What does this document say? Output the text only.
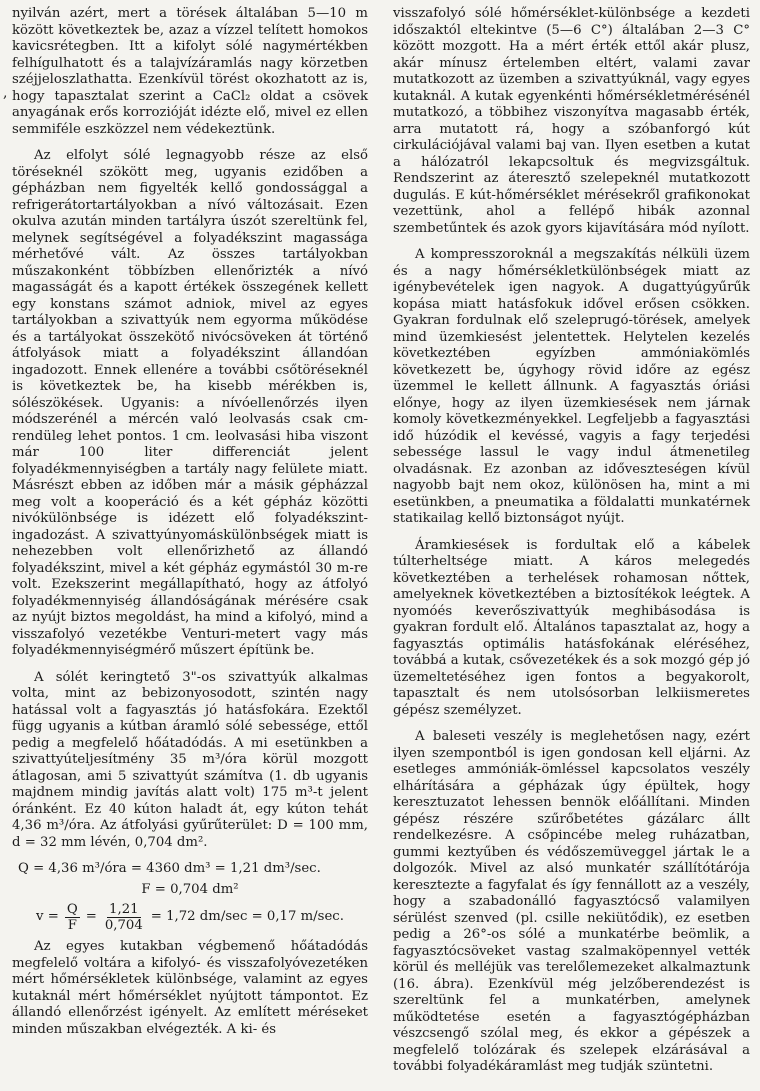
,

nyilván azért, mert a törések általában 5—10 m között következtek be, azaz a vízzel telített homokos kavicsrétegben. Itt a kifolyt sólé nagymértékben felhígulhatott és a talajvízáramlás nagy körzetben széjjeloszlathatta. Ezenkívül törést okozhatott az is, hogy tapasztalat szerint a CaCl₂ oldat a csövek anyagának erős korrozióját idézte elő, mivel ez ellen semmiféle eszközzel nem védekeztünk.

Az elfolyt sólé legnagyobb része az első töréseknél szökött meg, ugyanis ezidőben a gépházban nem figyelték kellő gondossággal a refrigerátortartályokban a nívó változásait. Ezen okulva azután minden tartályra úszót szereltünk fel, melynek segítségével a folyadékszint magassága mérhetővé vált. Az összes tartályokban műszakonként többízben ellenőrizték a nívó magasságát és a kapott értékek összegének kellett egy konstans számot adniok, mivel az egyes tartályokban a szivattyúk nem egyorma működése és a tartályokat összekötő nivócsöveken át történő átfolyások miatt a folyadékszint állandóan ingadozott. Ennek ellenére a további csőtöréseknél is következtek be, ha kisebb mérékben is, sólészökések. Ugyanis: a nívóellenőrzés ilyen módszerénél a mércén való leolvasás csak cm-rendüleg lehet pontos. 1 cm. leolvasási hiba viszont már 100 liter differenciát jelent folyadékmennyiségben a tartály nagy felülete miatt. Másrészt ebben az időben már a másik gépházzal meg volt a kooperáció és a két gépház közötti nivókülönbsége is idézett elő folyadékszint-ingadozást. A szivattyúnyomáskülönbségek miatt is nehezebben volt ellenőrizhető az állandó folyadékszint, mivel a két gépház egymástól 30 m-re volt. Ezekszerint megállapítható, hogy az átfolyó folyadékmennyiség állandóságának mérésére csak az nyújt biztos megoldást, ha mind a kifolyó, mind a visszafolyó vezetékbe Venturi-metert vagy más folyadékmennyiségmérő műszert építünk be.

A sólét keringtető 3"-os szivattyúk alkalmas volta, mint az bebizonyosodott, szintén nagy hatással volt a fagyasztás jó hatásfokára. Ezektől függ ugyanis a kútban áramló sólé sebessége, ettől pedig a megfelelő hőátadódás. A mi esetünkben a szivattyúteljesítmény 35 m³/óra körül mozgott átlagosan, ami 5 szivattyút számítva (1. db ugyanis majdnem mindig javítás alatt volt) 175 m³-t jelent óránként. Ez 40 kúton haladt át, egy kúton tehát 4,36 m³/óra. Az átfolyási gyűrűterület: D = 100 mm, d = 32 mm lévén, 0,704 dm².

Q = 4,36 m³/óra = 4360 dm³ = 1,21 dm³/sec.
F = 0,704 dm²
$v = \frac{Q}{F} = \frac{1,21}{0,704} = 1,72$ dm/sec = 0,17 m/sec.

Az egyes kutakban végbemenő hőátadódás megfelelő voltára a kifolyó- és visszafolyóvezetéken mért hőmérsékletek különbsége, valamint az egyes kutaknál mért hőmérséklet nyújtott támpontot. Ez állandó ellenőrzést igényelt. Az említett méréseket minden műszakban elvégezték. A ki- és

visszafolyó sólé hőmérséklet-különbsége a kezdeti időszaktól eltekintve (5—6 C°) általában 2—3 C° között mozgott. Ha a mért érték ettől akár plusz, akár mínusz értelemben eltért, valami zavar mutatkozott az üzemben a szivattyúknál, vagy egyes kutaknál. A kutak egyenkénti hőmérsékletmérésénél mutatkozó, a többihez viszonyítva magasabb érték, arra mutatott rá, hogy a szóbanforgó kút cirkulációjával valami baj van. Ilyen esetben a kutat a hálózatról lekapcsoltuk és megvizsgáltuk. Rendszerint az áteresztő szelepeknél mutatkozott dugulás. E kút-hőmérséklet mérésekről grafikonokat vezettünk, ahol a fellépő hibák azonnal szembetűntek és azok gyors kijavítására mód nyílott.

A kompresszoroknál a megszakítás nélküli üzem és a nagy hőmérsékletkülönbségek miatt az igénybevételek igen nagyok. A dugattyúgyűrűk kopása miatt hatásfokuk idővel erősen csökken. Gyakran fordulnak elő szeleprugó-törések, amelyek mind üzemkiesést jelentettek. Helytelen kezelés következtében egyízben ammóniakömlés következett be, úgyhogy rövid időre az egész üzemmel le kellett állnunk. A fagyasztás óriási előnye, hogy az ilyen üzemkiesések nem járnak komoly következményekkel. Legfeljebb a fagyasztási idő húzódik el kevéssé, vagyis a fagy terjedési sebessége lassul le vagy indul átmenetileg olvadásnak. Ez azonban az időveszteségen kívül nagyobb bajt nem okoz, különösen ha, mint a mi esetünkben, a pneumatika a földalatti munkatérnek statikailag kellő biztonságot nyújt.

Áramkiesések is fordultak elő a kábelek túlterheltsége miatt. A káros melegedés következtében a terhelések rohamosan nőttek, amelyeknek következtében a biztosítékok leégtek. A nyomóés keverőszivattyúk meghibásodása is gyakran fordult elő. Általános tapasztalat az, hogy a fagyasztás optimális hatásfokának eléréséhez, továbbá a kutak, csővezetékek és a sok mozgó gép jó üzemeltetéséhez igen fontos a begyakorolt, tapasztalt és nem utolsósorban lelkiismeretes gépész személyzet.

A baleseti veszély is meglehetősen nagy, ezért ilyen szempontból is igen gondosan kell eljárni. Az esetleges ammóniák-ömléssel kapcsolatos veszély elhárítására a gépházak úgy épültek, hogy keresztuzatot lehessen bennök előállítani. Minden gépész részére szűrőbetétes gázálarc állt rendelkezésre. A csőpincébe meleg ruházatban, gummi keztyűben és védőszemüveggel jártak le a dolgozók. Mivel az alsó munkatér szállítótárója keresztezte a fagyfalat és így fennállott az a veszély, hogy a szabadonálló fagyasztócső valamilyen sérülést szenved (pl. csille nekiütődik), ez esetben pedig a 26°-os sólé a munkatérbe beömlik, a fagyasztócsöveket vastag szalmaköpennyel vették körül és melléjük vas terelőlemezeket alkalmaztunk (16. ábra). Ezenkívül még jelzőberendezést is szereltünk fel a munkatérben, amelynek működtetése esetén a fagyasztógépházban vészcsengő szólal meg, és ekkor a gépészek a megfelelő tolózárak és szelepek elzárásával a további folyadékáramlást meg tudják szüntetni.
